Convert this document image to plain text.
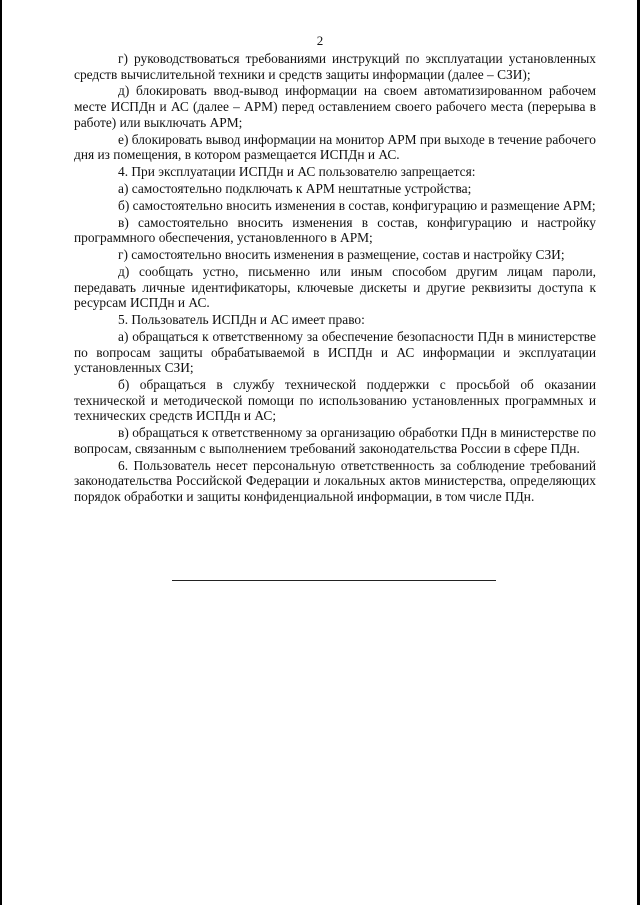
2

г) руководствоваться требованиями инструкций по эксплуатации установленных средств вычислительной техники и средств защиты информации (далее – СЗИ);

д) блокировать ввод-вывод информации на своем автоматизированном рабочем месте ИСПДн и АС (далее – АРМ) перед оставлением своего рабочего места (перерыва в работе) или выключать АРМ;

е) блокировать вывод информации на монитор АРМ при выходе в течение рабочего дня из помещения, в котором размещается ИСПДн и АС.

4. При эксплуатации ИСПДн и АС пользователю запрещается:

а) самостоятельно подключать к АРМ нештатные устройства;

б) самостоятельно вносить изменения в состав, конфигурацию и размещение АРМ;

в) самостоятельно вносить изменения в состав, конфигурацию и настройку программного обеспечения, установленного в АРМ;

г) самостоятельно вносить изменения в размещение, состав и настройку СЗИ;

д) сообщать устно, письменно или иным способом другим лицам пароли, передавать личные идентификаторы, ключевые дискеты и другие реквизиты доступа к ресурсам ИСПДн и АС.

5. Пользователь ИСПДн и АС имеет право:

а) обращаться к ответственному за обеспечение безопасности ПДн в министерстве по вопросам защиты обрабатываемой в ИСПДн и АС информации и эксплуатации установленных СЗИ;

б) обращаться в службу технической поддержки с просьбой об оказании технической и методической помощи по использованию установленных программных и технических средств ИСПДн и АС;

в) обращаться к ответственному за организацию обработки ПДн в министерстве по вопросам, связанным с выполнением требований законодательства России в сфере ПДн.

6. Пользователь несет персональную ответственность за соблюдение требований законодательства Российской Федерации и локальных актов министерства, определяющих порядок обработки и защиты конфиденциальной информации, в том числе ПДн.
